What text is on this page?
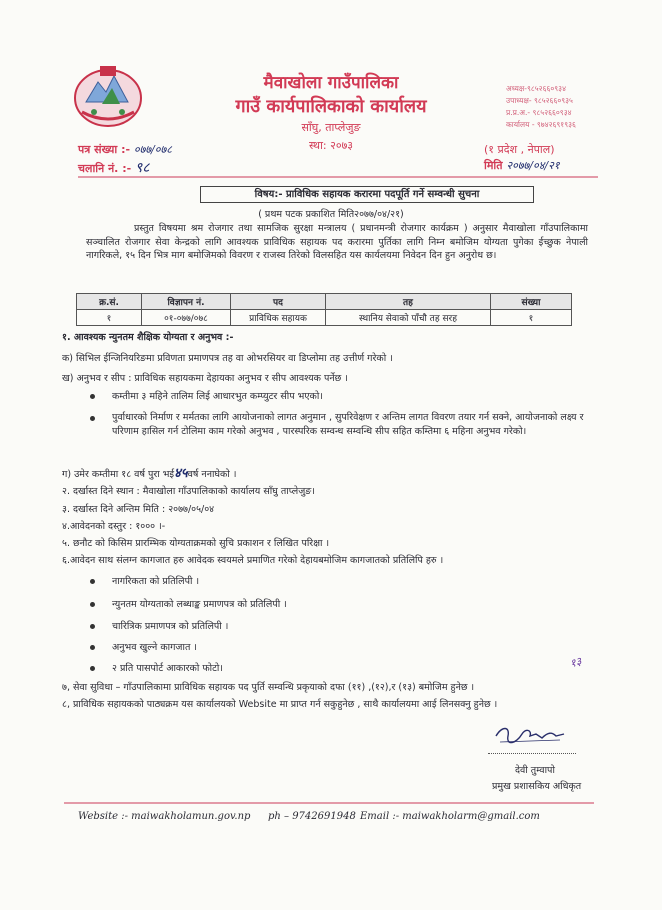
मैवाखोला गाउँपालिका
गाउँ कार्यपालिकाको कार्यालय
साँघु, ताप्लेजुङ
स्था: २०७३
अध्यक्ष-९८५२६६०९३४
उपाध्यक्ष- ९८५२६६०९३५
प्र.प्र.अ.- ९८५२६६०९३४
कार्यालय - ९७४२६९१९३६
पत्र संख्या :- ०७७/०७८
चलानि नं. :- ९८
(१ प्रदेश , नेपाल)
मिति २०७७/०४/२१
विषय:- प्राविधिक सहायक करारमा पदपूर्ति गर्ने सम्वन्धी सुचना
( प्रथम पटक प्रकाशित मिति२०७७/०४/२१)
प्रस्तुत विषयमा श्रम रोजगार तथा सामजिक सुरक्षा मन्त्रालय ( प्रधानमन्त्री रोजगार कार्यक्रम ) अनुसार मैवाखोला गाँउपालिकामा सञ्चालित रोजगार सेवा केन्द्रको लागि आवश्यक प्राविधिक सहायक पद करारमा पुर्तिका लागि निम्न बमोजिम योग्यता पुगेका ईच्छुक नेपाली नागरिकले, १५ दिन भित्र माग बमोजिमको विवरण र राजस्व तिरेको विलसहित यस कार्यलयमा निवेदन दिन हुन अनुरोध छ।
क्र.सं.	विज्ञापन नं.	पद	तह	संख्या
१	०१-०७७/०७८	प्राविधिक सहायक	स्थानिय सेवाको पाँचौ तह सरह	१
१. आवश्यक न्युनतम शैक्षिक योग्यता र अनुभव :-
क) सिभिल ईन्जिनियरिङमा प्रविणता प्रमाणपत्र तह वा ओभरसियर वा डिप्लोमा तह उत्तीर्ण गरेको ।
ख) अनुभव र सीप : प्राविधिक सहायकमा देहायका अनुभव र सीप आवश्यक पर्नेछ ।
कम्तीमा ३ महिने तालिम लिई आधारभुत कम्प्युटर सीप भएको।
पुर्वाधारको निर्माण र मर्मतका लागि आयोजनाको लागत अनुमान , सुपरिवेक्षण र अन्तिम लागत विवरण तयार गर्न सक्ने, आयोजनाको लक्ष्य र परिणाम हासिल गर्न टोलिमा काम गरेको अनुभव , पारस्परिक सम्वन्ध सम्वन्धि सीप सहित कम्तिमा ६ महिना अनुभव गरेको।
ग) उमेर कम्तीमा १८ वर्ष पुरा भई४५वर्ष ननाघेको ।
२. दर्खास्त दिने स्थान : मैवाखोला गाँउपालिकाको कार्यालय साँघु ताप्लेजुङ।
३. दर्खास्त दिने अन्तिम मिति : २०७७/०५/०४
४.आवेदनको दस्तुर : १००० ।-
५. छनौट को किसिम प्रारम्भिक योग्यताक्रमको सुचि प्रकाशन र लिखित परिक्षा ।
६.आवेदन साथ संलग्न कागजात हरु आवेदक स्वयमले प्रमाणित गरेको देहायबमोजिम कागजातको प्रतिलिपि हरु ।
नागरिकता को प्रतिलिपी ।
न्युनतम योग्यताको लब्धाङ्क प्रमाणपत्र को प्रतिलिपी ।
चारित्रिक प्रमाणपत्र को प्रतिलिपी ।
अनुभव खुल्ने कागजात ।
२ प्रति पासपोर्ट आकारको फोटो।	१३
७, सेवा सुविधा – गाँउपालिकामा प्राविधिक सहायक पद पुर्ति सम्वन्धि प्रकृयाको दफा (११) ,(१२),र (१३) बमोजिम हुनेछ ।
८, प्राविधिक सहायकको पाठ्यक्रम यस कार्यालयको Website मा प्राप्त गर्न सकुहुनेछ , साथै कार्यालयमा आई लिनसक्नु हुनेछ ।
देवी तुम्वापो
प्रमुख प्रशासकिय अधिकृत
Website :- maiwakholamun.gov.np ph – 9742691948 Email :- maiwakholarm@gmail.com
